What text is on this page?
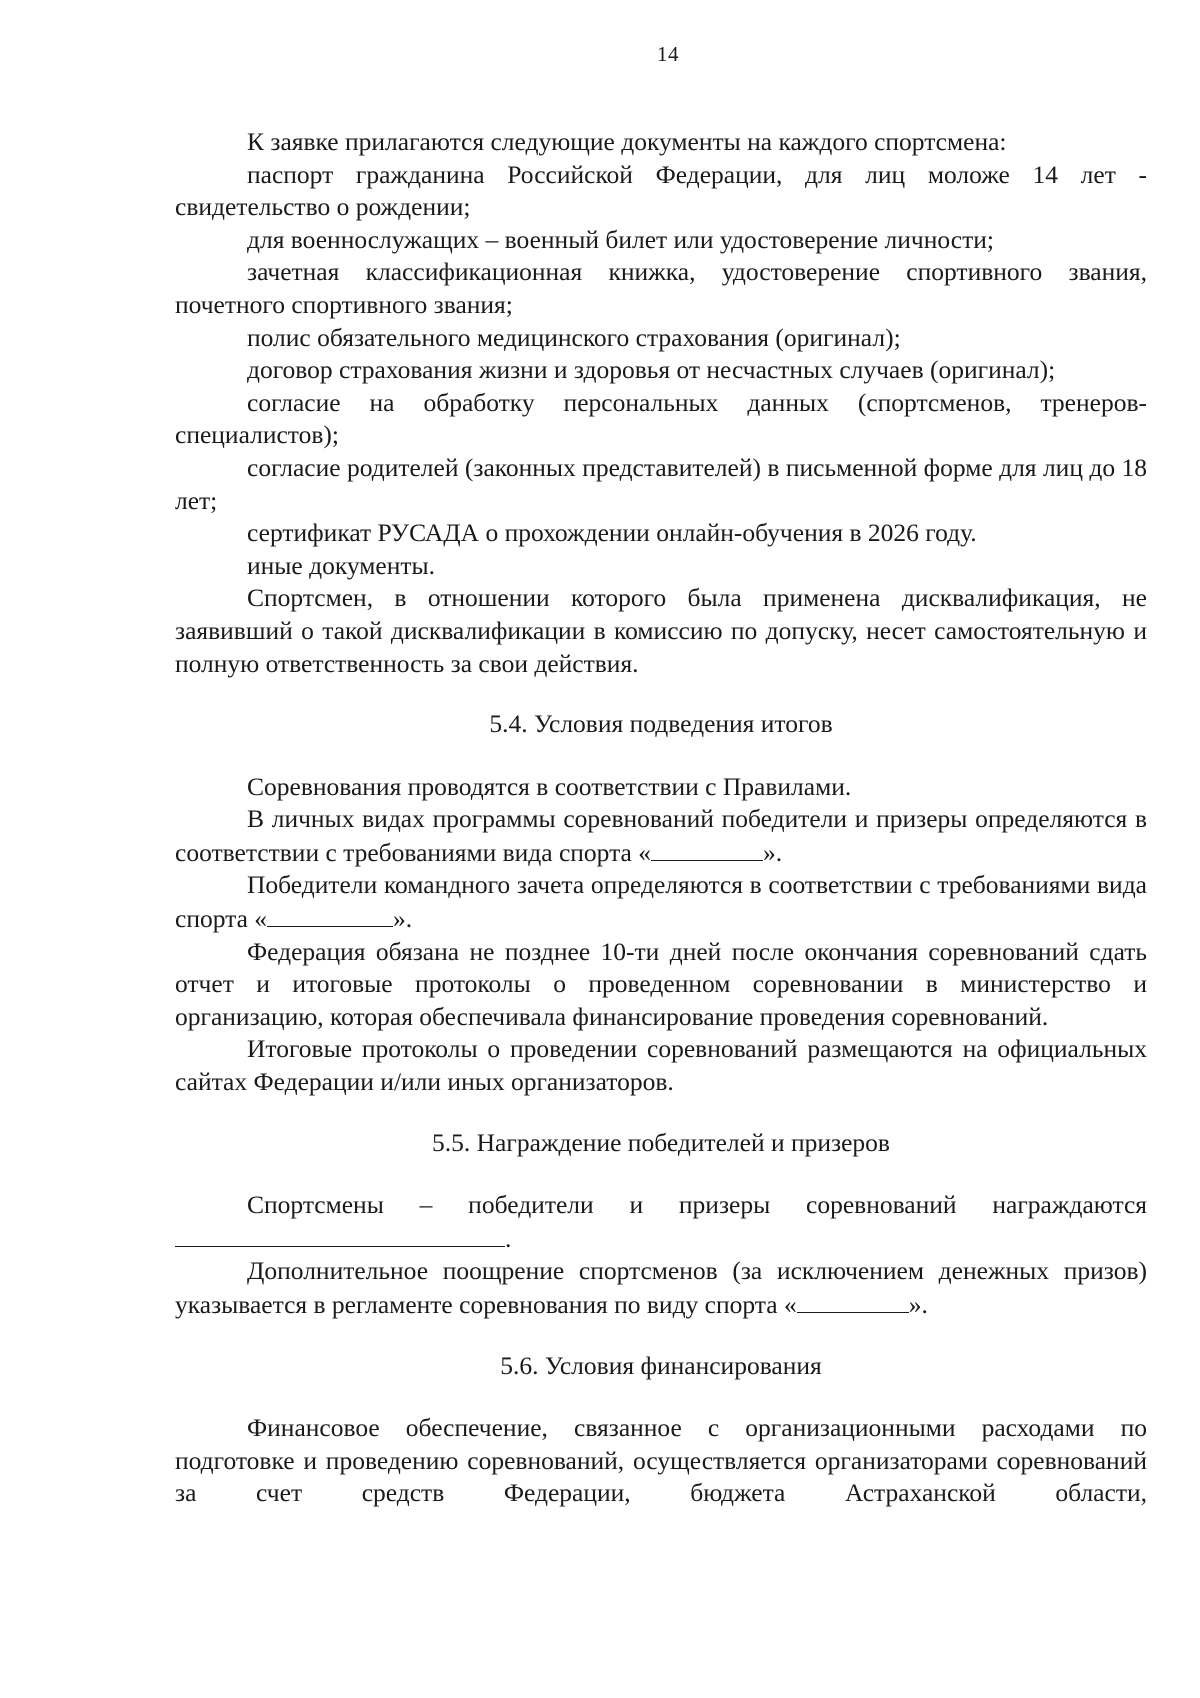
14

К заявке прилагаются следующие документы на каждого спортсмена:

паспорт гражданина Российской Федерации, для лиц моложе 14 лет - свидетельство о рождении;

для военнослужащих – военный билет или удостоверение личности;

зачетная классификационная книжка, удостоверение спортивного звания, почетного спортивного звания;

полис обязательного медицинского страхования (оригинал);

договор страхования жизни и здоровья от несчастных случаев (оригинал);

согласие на обработку персональных данных (спортсменов, тренеров-специалистов);

согласие родителей (законных представителей) в письменной форме для лиц до 18 лет;

сертификат РУСАДА о прохождении онлайн-обучения в 2026 году.

иные документы.

Спортсмен, в отношении которого была применена дисквалификация, не заявивший о такой дисквалификации в комиссию по допуску, несет самостоятельную и полную ответственность за свои действия.

5.4. Условия подведения итогов

Соревнования проводятся в соответствии с Правилами.

В личных видах программы соревнований победители и призеры определяются в соответствии с требованиями вида спорта «	».

Победители командного зачета определяются в соответствии с требованиями вида спорта «	».

Федерация обязана не позднее 10-ти дней после окончания соревнований сдать отчет и итоговые протоколы о проведенном соревновании в министерство и организацию, которая обеспечивала финансирование проведения соревнований.

Итоговые протоколы о проведении соревнований размещаются на официальных сайтах Федерации и/или иных организаторов.

5.5. Награждение победителей и призеров

Спортсмены – победители и призеры соревнований награждаются

.

Дополнительное поощрение спортсменов (за исключением денежных призов) указывается в регламенте соревнования по виду спорта «	».

5.6. Условия финансирования

Финансовое обеспечение, связанное с организационными расходами по подготовке и проведению соревнований, осуществляется организаторами соревнований за счет средств Федерации, бюджета Астраханской области,
